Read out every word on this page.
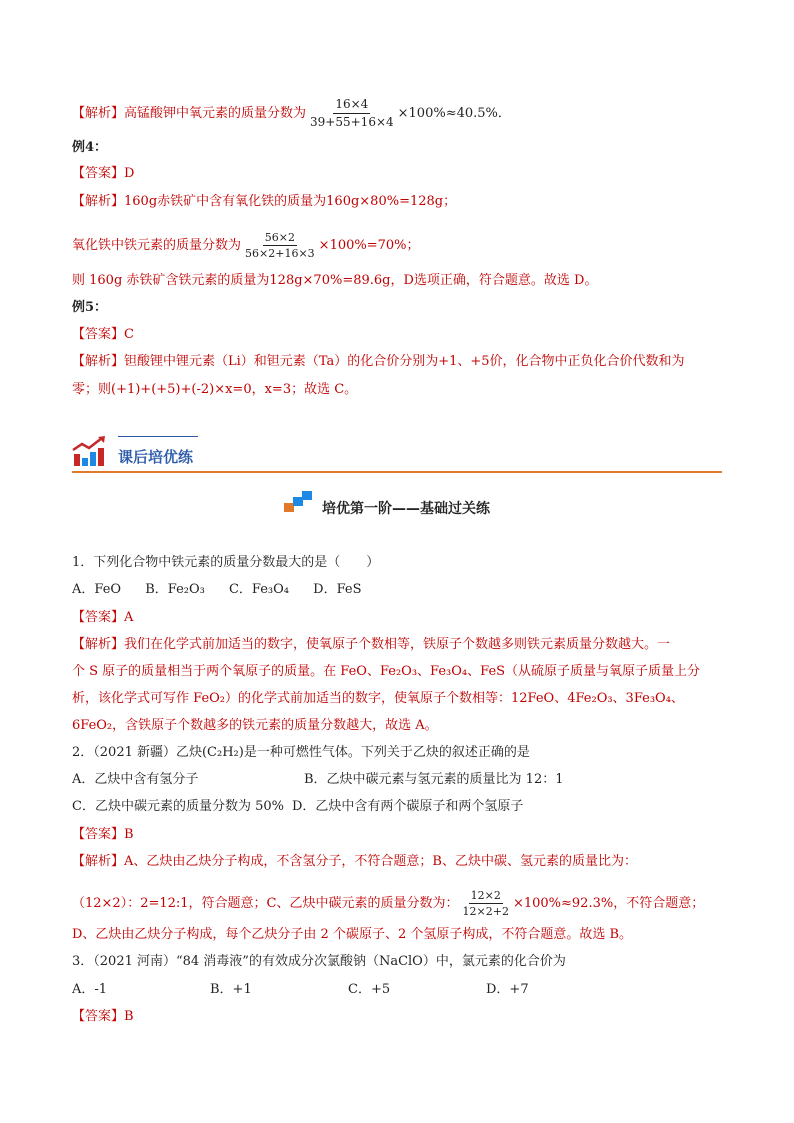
【解析】高锰酸钾中氧元素的质量分数为 $\frac{16\times 4}{39+55+16\times 4} \times 100\%\approx 40.5\%$．
例4：
【答案】D
【解析】160g赤铁矿中含有氧化铁的质量为160g×80%=128g；
氧化铁中铁元素的质量分数为 $\frac{56\times 2}{56\times 2+16\times 3} \times 100\%=70\%$；
则 160g 赤铁矿含铁元素的质量为128g×70%=89.6g，D选项正确，符合题意。故选 D。
例5：
【答案】C
【解析】钽酸锂中锂元素（Li）和钽元素（Ta）的化合价分别为+1、+5价，化合物中正负化合价代数和为
零；则(+1)+(+5)+(-2)×x=0，x=3；故选 C。
课后培优练
培优第一阶——基础过关练
1．下列化合物中铁元素的质量分数最大的是（　　）
A．FeO B．Fe₂O₃ C．Fe₃O₄ D．FeS
【答案】A
【解析】我们在化学式前加适当的数字，使氧原子个数相等，铁原子个数越多则铁元素质量分数越大。一
个 S 原子的质量相当于两个氧原子的质量。在 FeO、Fe₂O₃、Fe₃O₄、FeS（从硫原子质量与氧原子质量上分
析，该化学式可写作 FeO₂）的化学式前加适当的数字，使氧原子个数相等：12FeO、4Fe₂O₃、3Fe₃O₄、
6FeO₂，含铁原子个数越多的铁元素的质量分数越大，故选 A。
2．（2021 新疆）乙炔(C₂H₂)是一种可燃性气体。下列关于乙炔的叙述正确的是
A．乙炔中含有氢分子	B．乙炔中碳元素与氢元素的质量比为 12：1
C．乙炔中碳元素的质量分数为 50% D．乙炔中含有两个碳原子和两个氢原子
【答案】B
【解析】A、乙炔由乙炔分子构成，不含氢分子，不符合题意；B、乙炔中碳、氢元素的质量比为：
（12×2）：2=12:1，符合题意；C、乙炔中碳元素的质量分数为： $\frac{12\times 2}{12\times 2+2} \times 100\%\approx 92.3\%$，不符合题意；
D、乙炔由乙炔分子构成，每个乙炔分子由 2 个碳原子、2 个氢原子构成，不符合题意。故选 B。
3．（2021 河南）“84 消毒液”的有效成分次氯酸钠（NaClO）中，氯元素的化合价为
A．-1	B．+1	C．+5	D．+7
【答案】B
